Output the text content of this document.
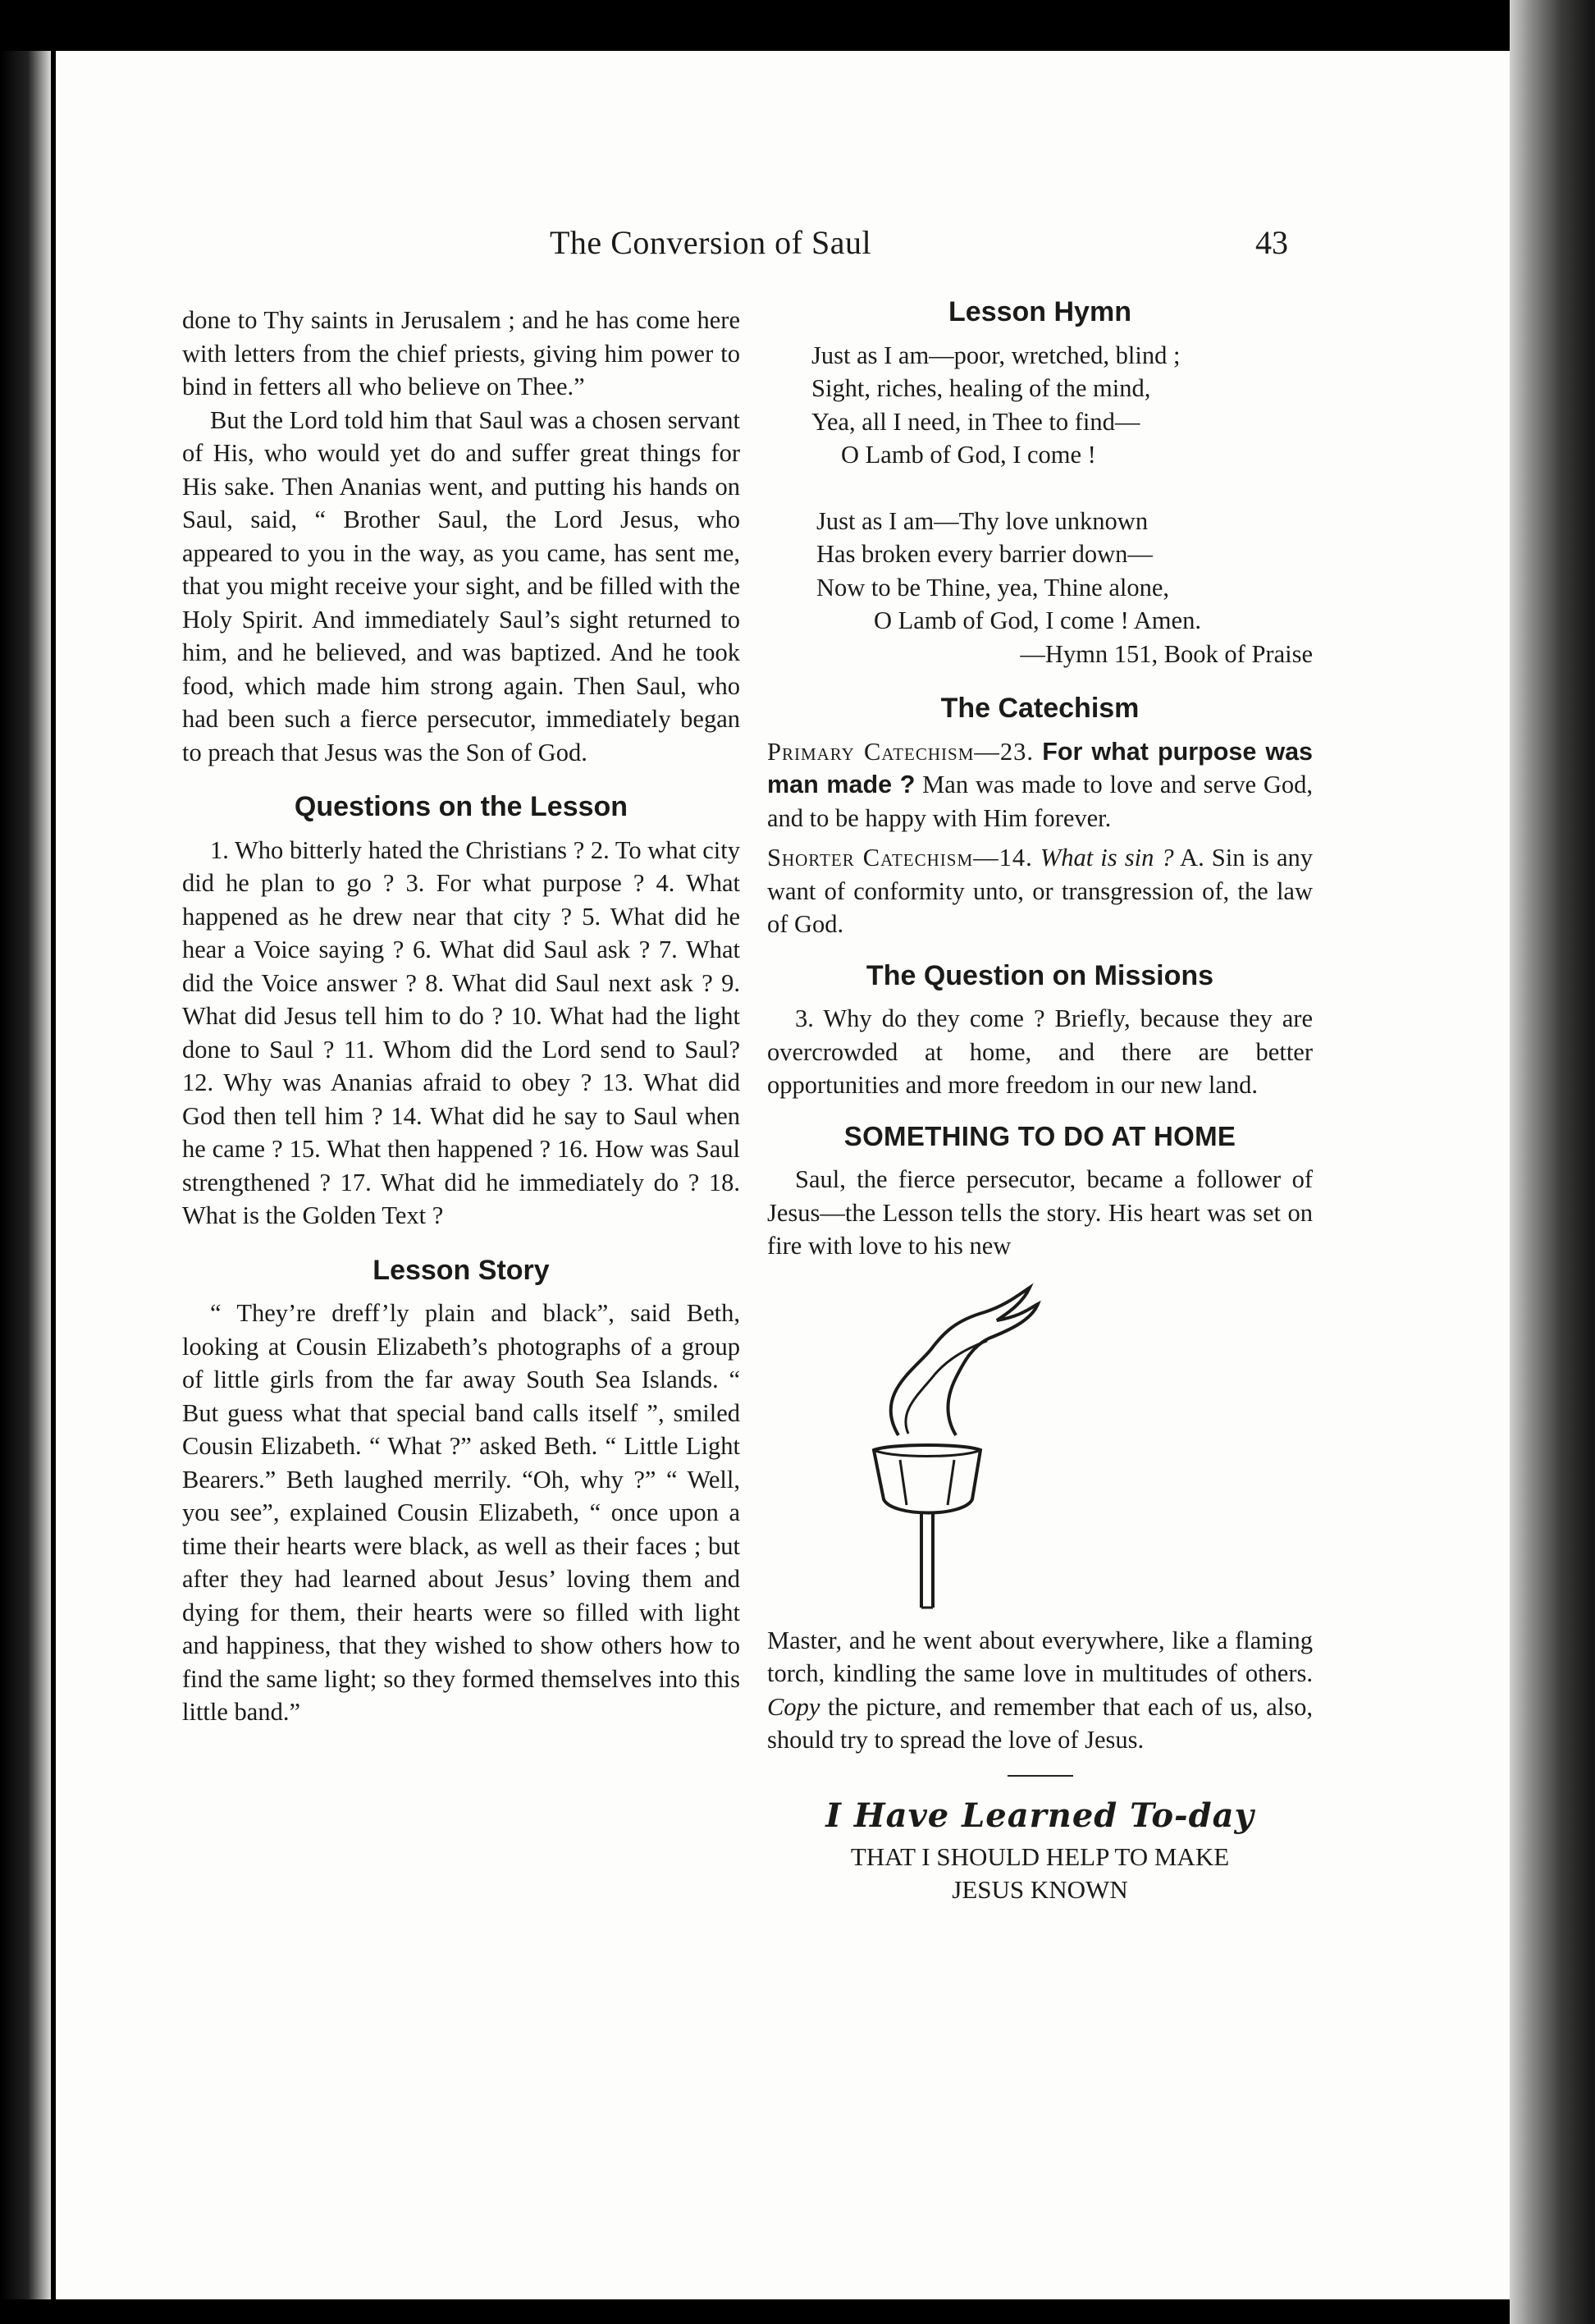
The Conversion of Saul	43

done to Thy saints in Jerusalem ; and he has come here with letters from the chief priests, giving him power to bind in fetters all who believe on Thee.”

But the Lord told him that Saul was a chosen servant of His, who would yet do and suffer great things for His sake. Then Ananias went, and putting his hands on Saul, said, “ Brother Saul, the Lord Jesus, who appeared to you in the way, as you came, has sent me, that you might receive your sight, and be filled with the Holy Spirit. And immediately Saul’s sight returned to him, and he believed, and was baptized. And he took food, which made him strong again. Then Saul, who had been such a fierce persecutor, immediately began to preach that Jesus was the Son of God.

Questions on the Lesson

1. Who bitterly hated the Christians ? 2. To what city did he plan to go ? 3. For what purpose ? 4. What happened as he drew near that city ? 5. What did he hear a Voice saying ? 6. What did Saul ask ? 7. What did the Voice answer ? 8. What did Saul next ask ? 9. What did Jesus tell him to do ? 10. What had the light done to Saul ? 11. Whom did the Lord send to Saul? 12. Why was Ananias afraid to obey ? 13. What did God then tell him ? 14. What did he say to Saul when he came ? 15. What then happened ? 16. How was Saul strengthened ? 17. What did he immediately do ? 18. What is the Golden Text ?

Lesson Story

“ They’re dreff’ly plain and black”, said Beth, looking at Cousin Elizabeth’s photographs of a group of little girls from the far away South Sea Islands. “ But guess what that special band calls itself ”, smiled Cousin Elizabeth. “ What ?” asked Beth. “ Little Light Bearers.” Beth laughed merrily. “Oh, why ?” “ Well, you see”, explained Cousin Elizabeth, “ once upon a time their hearts were black, as well as their faces ; but after they had learned about Jesus’ loving them and dying for them, their hearts were so filled with light and happiness, that they wished to show others how to find the same light; so they formed themselves into this little band.”

Lesson Hymn
Just as I am—poor, wretched, blind ;
Sight, riches, healing of the mind,
Yea, all I need, in Thee to find—
O Lamb of God, I come !
Just as I am—Thy love unknown
Has broken every barrier down—
Now to be Thine, yea, Thine alone,
O Lamb of God, I come ! Amen.
—Hymn 151, Book of Praise
The Catechism

Primary Catechism—23. For what purpose was man made ? Man was made to love and serve God, and to be happy with Him forever.

Shorter Catechism—14. What is sin ? A. Sin is any want of conformity unto, or transgression of, the law of God.

The Question on Missions

3. Why do they come ? Briefly, because they are overcrowded at home, and there are better opportunities and more freedom in our new land.

SOMETHING TO DO AT HOME

Saul, the fierce persecutor, became a follower of Jesus—the Lesson tells the story. His heart was set on fire with love to his new

Master, and he went about everywhere, like a flaming torch, kindling the same love in multitudes of others. Copy the picture, and remember that each of us, also, should try to spread the love of Jesus.

I Have Learned To-day
THAT I SHOULD HELP TO MAKE
JESUS KNOWN
